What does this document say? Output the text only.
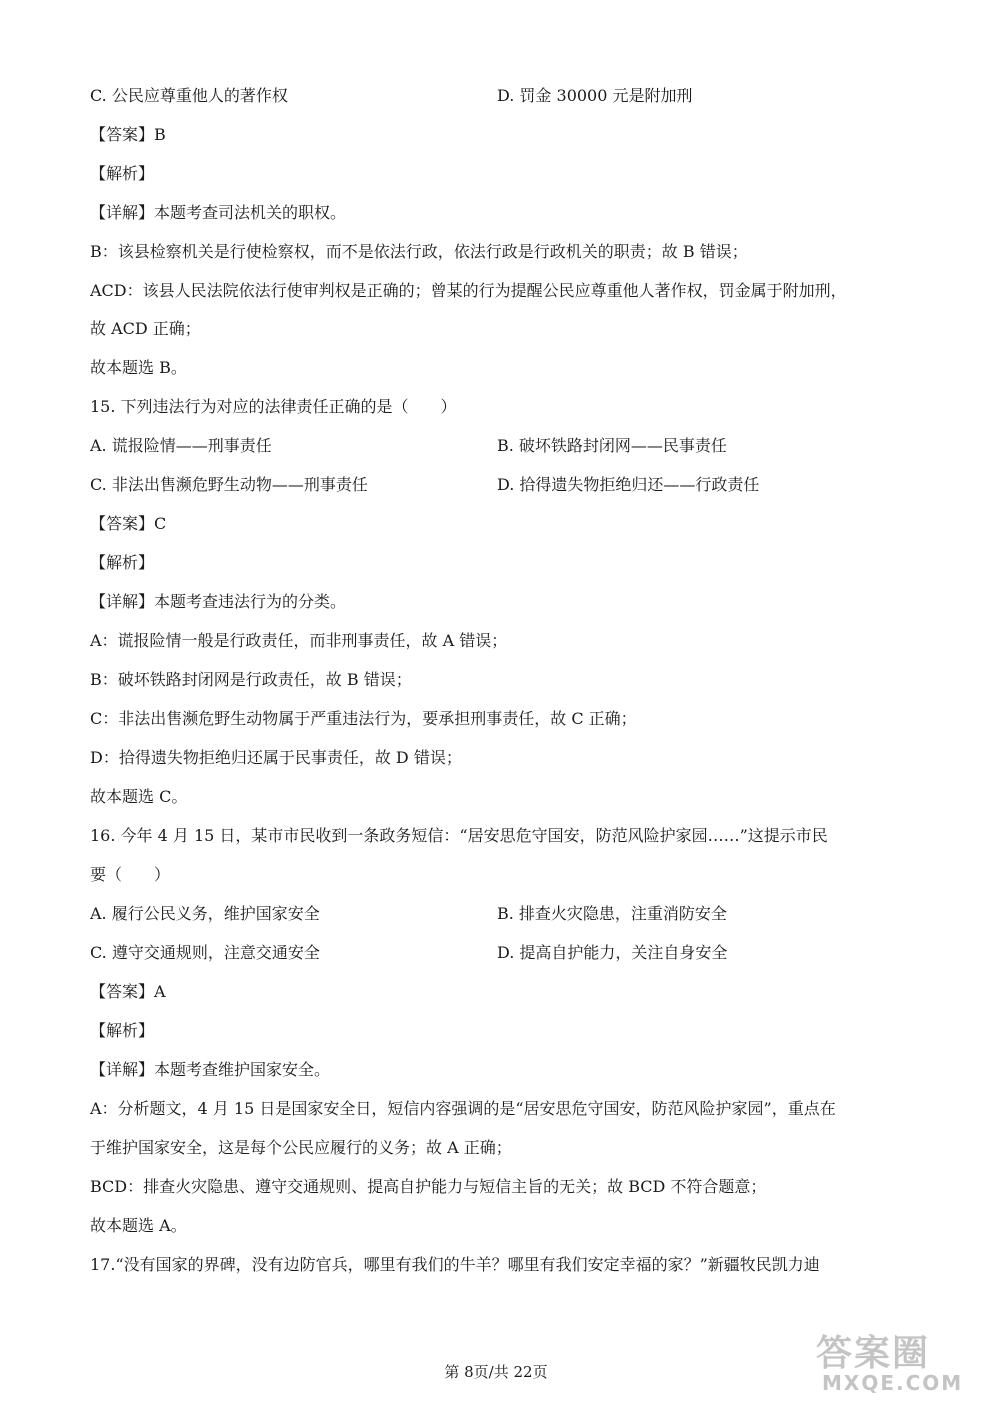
C. 公民应尊重他人的著作权	D. 罚金 30000 元是附加刑
【答案】B
【解析】
【详解】本题考查司法机关的职权。
B：该县检察机关是行使检察权，而不是依法行政，依法行政是行政机关的职责；故 B 错误；
ACD：该县人民法院依法行使审判权是正确的；曾某的行为提醒公民应尊重他人著作权，罚金属于附加刑，
故 ACD 正确；
故本题选 B。
15. 下列违法行为对应的法律责任正确的是（　　）
A. 谎报险情——刑事责任	B. 破坏铁路封闭网——民事责任
C. 非法出售濒危野生动物——刑事责任	D. 拾得遗失物拒绝归还——行政责任
【答案】C
【解析】
【详解】本题考查违法行为的分类。
A：谎报险情一般是行政责任，而非刑事责任，故 A 错误；
B：破坏铁路封闭网是行政责任，故 B 错误；
C：非法出售濒危野生动物属于严重违法行为，要承担刑事责任，故 C 正确；
D：拾得遗失物拒绝归还属于民事责任，故 D 错误；
故本题选 C。
16. 今年 4 月 15 日，某市市民收到一条政务短信：“居安思危守国安，防范风险护家园……”这提示市民
要（　　）
A. 履行公民义务，维护国家安全	B. 排查火灾隐患，注重消防安全
C. 遵守交通规则，注意交通安全	D. 提高自护能力，关注自身安全
【答案】A
【解析】
【详解】本题考查维护国家安全。
A：分析题文，4 月 15 日是国家安全日，短信内容强调的是“居安思危守国安，防范风险护家园”，重点在
于维护国家安全，这是每个公民应履行的义务；故 A 正确；
BCD：排查火灾隐患、遵守交通规则、提高自护能力与短信主旨的无关；故 BCD 不符合题意；
故本题选 A。
17.“没有国家的界碑，没有边防官兵，哪里有我们的牛羊？哪里有我们安定幸福的家？”新疆牧民凯力迪
第 8页/共 22页	答案圈
MXQE.COM
